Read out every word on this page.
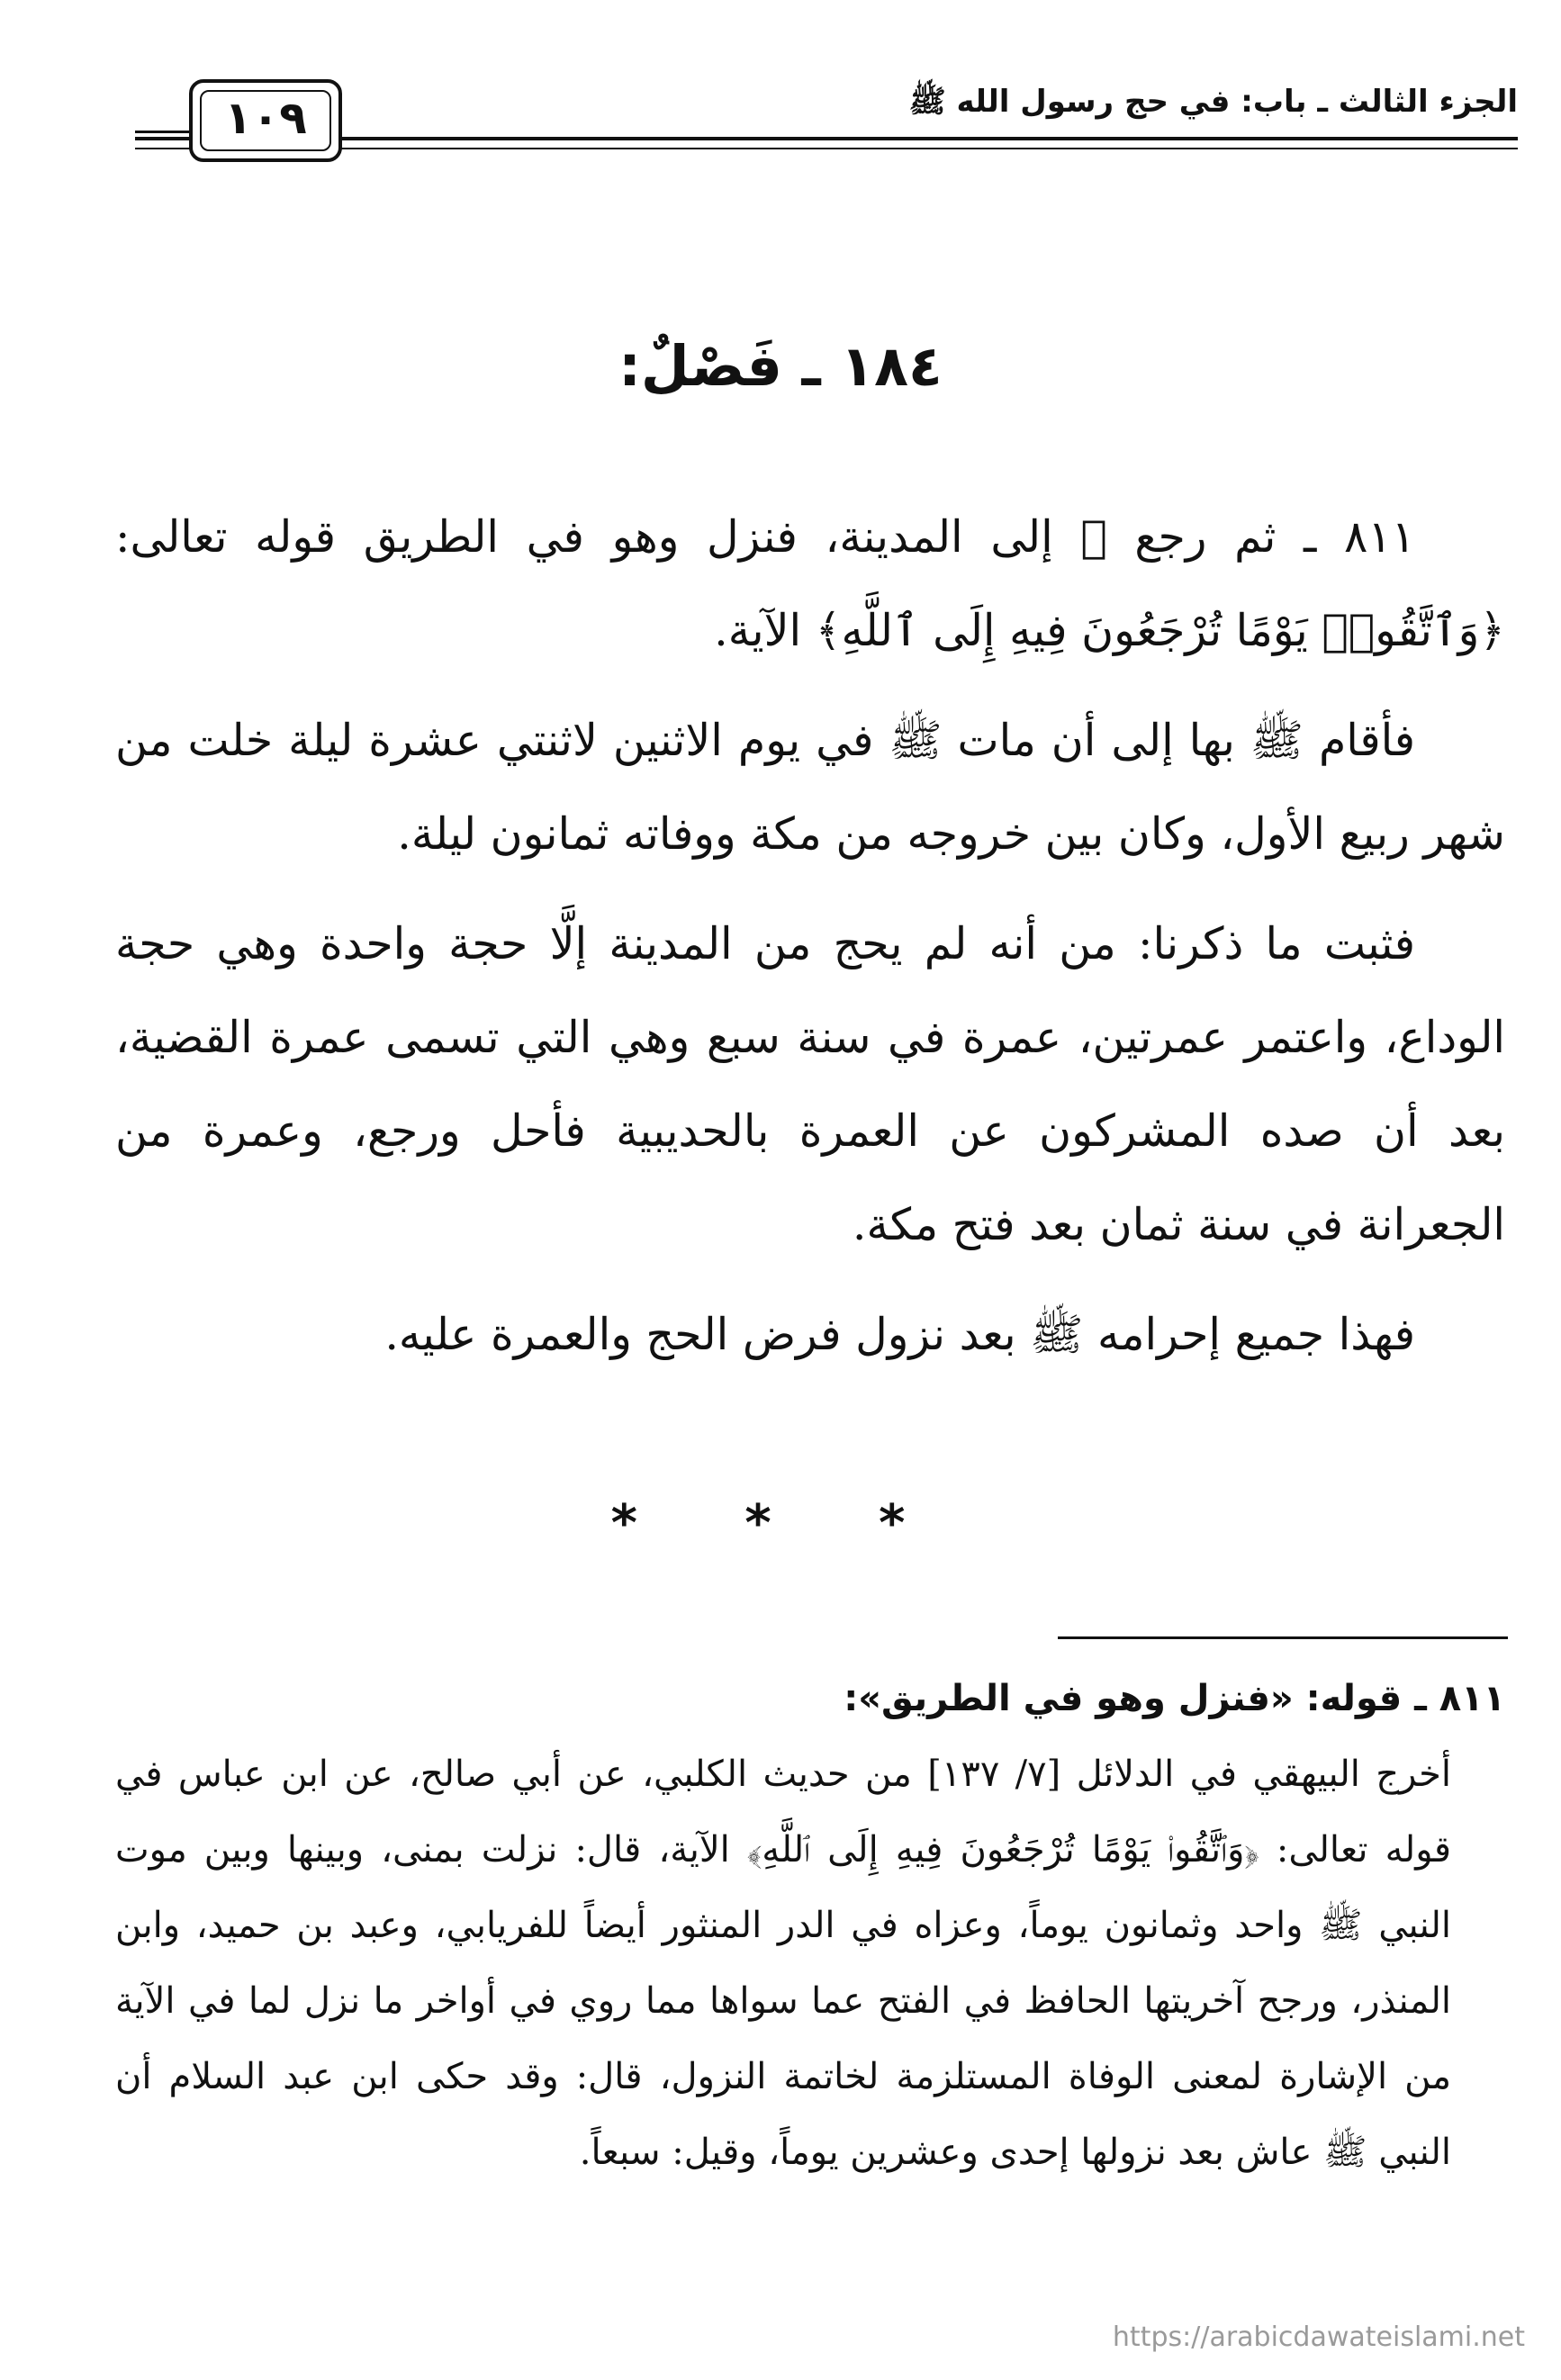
الجزء الثالث ـ باب: في حج رسول الله ﷺ
١٠٩
١٨٤ ـ فَصْلٌ:

٨١١ ـ ثم رجع ﷺ إلى المدينة، فنزل وهو في الطريق قوله تعالى: ﴿وَٱتَّقُوا۟ يَوْمًا تُرْجَعُونَ فِيهِ إِلَى ٱللَّهِ﴾ الآية.

فأقام ﷺ بها إلى أن مات ﷺ في يوم الاثنين لاثنتي عشرة ليلة خلت من شهر ربيع الأول، وكان بين خروجه من مكة ووفاته ثمانون ليلة.

فثبت ما ذكرنا: من أنه لم يحج من المدينة إلَّا حجة واحدة وهي حجة الوداع، واعتمر عمرتين، عمرة في سنة سبع وهي التي تسمى عمرة القضية، بعد أن صده المشركون عن العمرة بالحديبية فأحل ورجع، وعمرة من الجعرانة في سنة ثمان بعد فتح مكة.

فهذا جميع إحرامه ﷺ بعد نزول فرض الحج والعمرة عليه.

* * *

٨١١ ـ قوله: «فنزل وهو في الطريق»:

أخرج البيهقي في الدلائل [٧/ ١٣٧] من حديث الكلبي، عن أبي صالح، عن ابن عباس في قوله تعالى: ﴿وَٱتَّقُوا۟ يَوْمًا تُرْجَعُونَ فِيهِ إِلَى ٱللَّهِ﴾ الآية، قال: نزلت بمنى، وبينها وبين موت النبي ﷺ واحد وثمانون يوماً، وعزاه في الدر المنثور أيضاً للفريابي، وعبد بن حميد، وابن المنذر، ورجح آخريتها الحافظ في الفتح عما سواها مما روي في أواخر ما نزل لما في الآية من الإشارة لمعنى الوفاة المستلزمة لخاتمة النزول، قال: وقد حكى ابن عبد السلام أن النبي ﷺ عاش بعد نزولها إحدى وعشرين يوماً، وقيل: سبعاً.

https://arabicdawateislami.net
